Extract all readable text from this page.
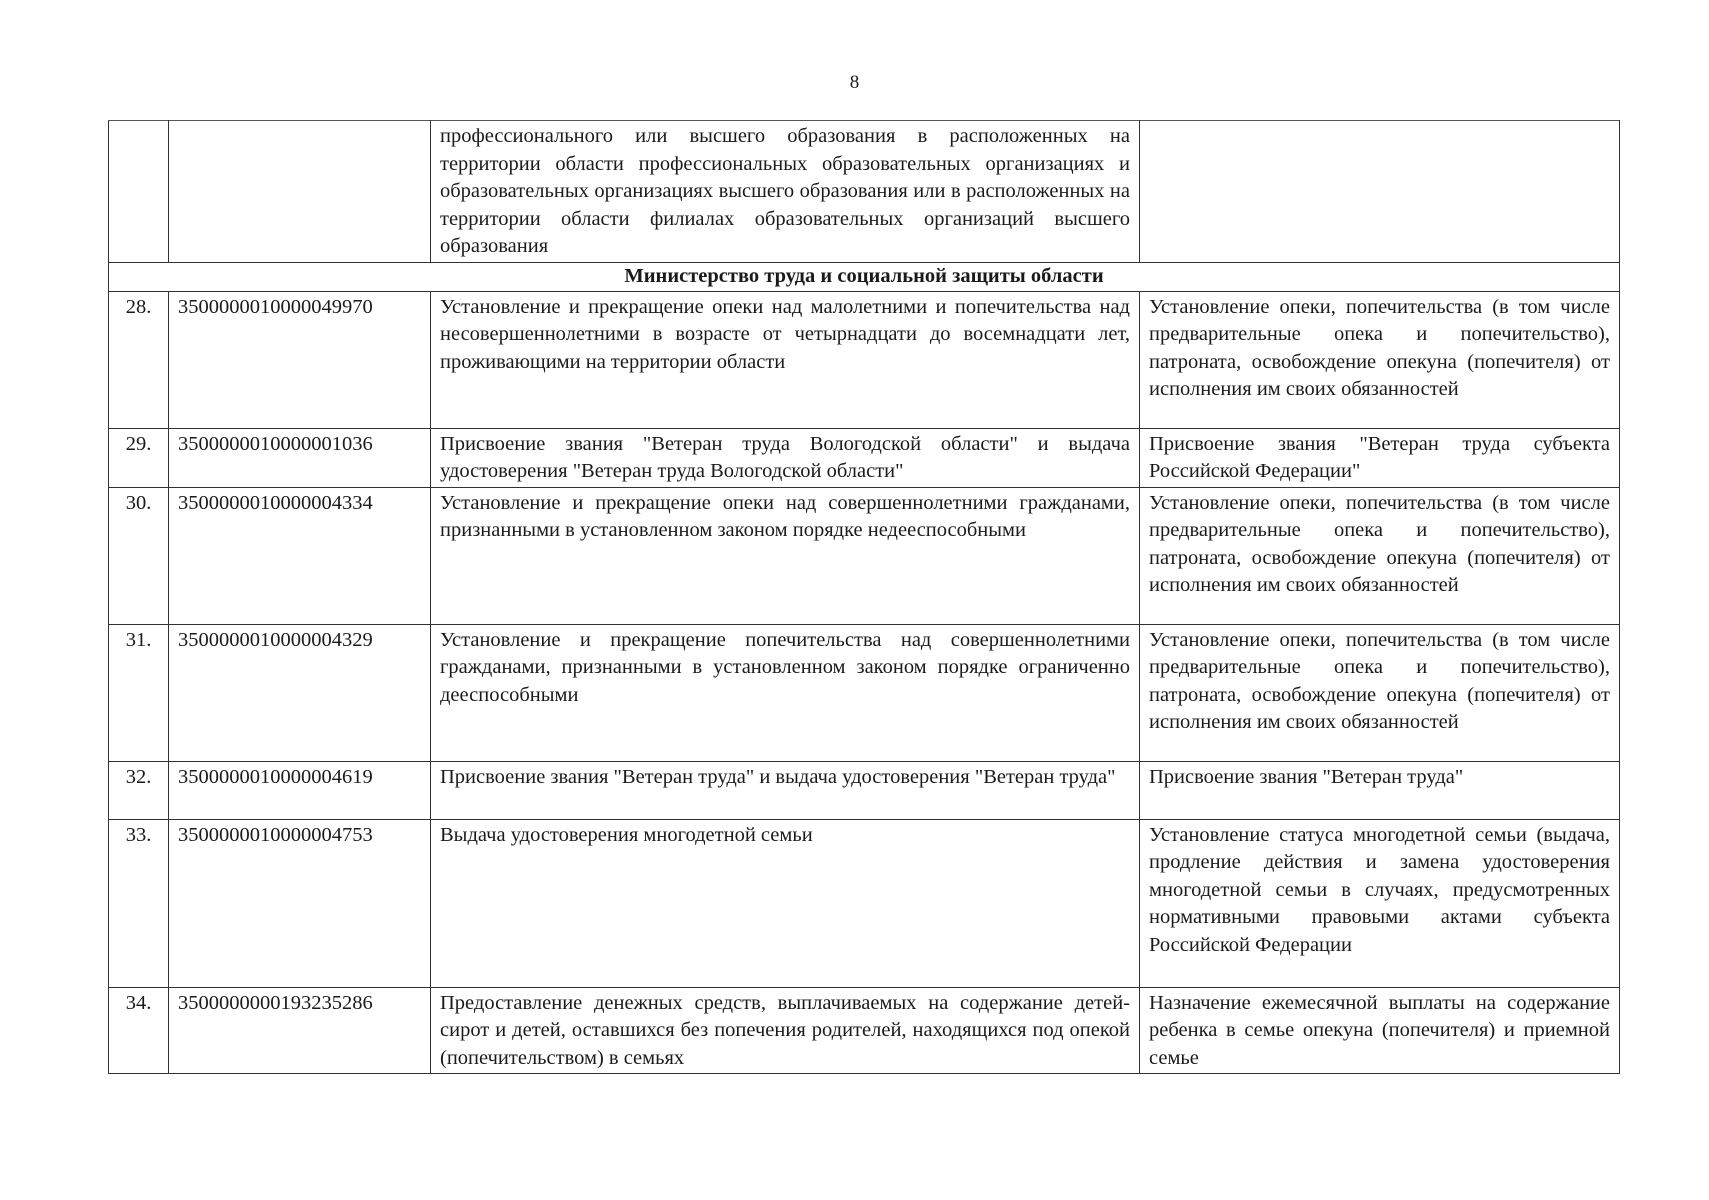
8
		профессионального или высшего образования в расположенных на территории области профессиональных образовательных организациях и образовательных организациях высшего образования или в расположенных на территории области филиалах образовательных организаций высшего образования	
Министерство труда и социальной защиты области			
28.	3500000010000049970	Установление и прекращение опеки над малолетними и попечительства над несовершеннолетними в возрасте от четырнадцати до восемнадцати лет, проживающими на территории области	Установление опеки, попечительства (в том числе предварительные опека и попечительство), патроната, освобождение опекуна (попечителя) от исполнения им своих обязанностей
29.	3500000010000001036	Присвоение звания "Ветеран труда Вологодской области" и выдача удостоверения "Ветеран труда Вологодской области"	Присвоение звания "Ветеран труда субъекта Российской Федерации"
30.	3500000010000004334	Установление и прекращение опеки над совершеннолетними гражданами, признанными в установленном законом порядке недееспособными	Установление опеки, попечительства (в том числе предварительные опека и попечительство), патроната, освобождение опекуна (попечителя) от исполнения им своих обязанностей
31.	3500000010000004329	Установление и прекращение попечительства над совершеннолетними гражданами, признанными в установленном законом порядке ограниченно дееспособными	Установление опеки, попечительства (в том числе предварительные опека и попечительство), патроната, освобождение опекуна (попечителя) от исполнения им своих обязанностей
32.	3500000010000004619	Присвоение звания "Ветеран труда" и выдача удостоверения "Ветеран труда"	Присвоение звания "Ветеран труда"
33.	3500000010000004753	Выдача удостоверения многодетной семьи	Установление статуса многодетной семьи (выдача, продление действия и замена удостоверения многодетной семьи в случаях, предусмотренных нормативными правовыми актами субъекта Российской Федерации
34.	3500000000193235286	Предоставление денежных средств, выплачиваемых на содержание детей-сирот и детей, оставшихся без попечения родителей, находящихся под опекой (попечительством) в семьях	Назначение ежемесячной выплаты на содержание ребенка в семье опекуна (попечителя) и приемной семье
